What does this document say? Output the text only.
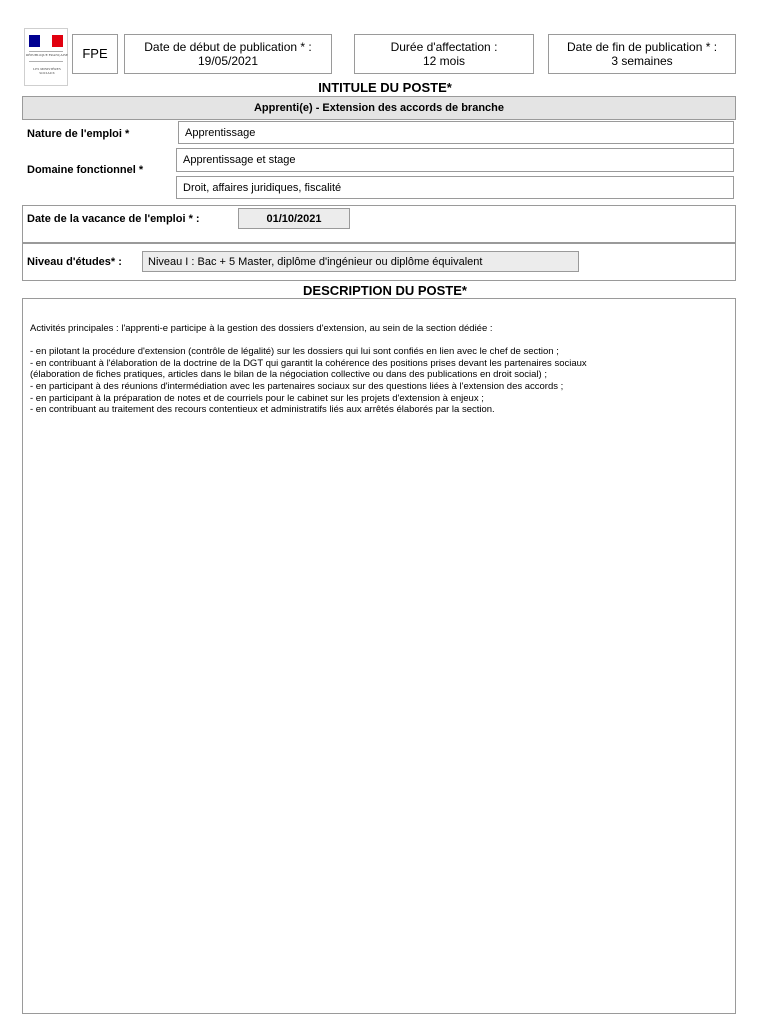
RÉPUBLIQUE FRANÇAISE
LES MINISTÈRES SOCIAUX
FPE	Date de début de publication * :
19/05/2021
Durée d'affectation :
12 mois
Date de fin de publication * :
3 semaines
INTITULE DU POSTE*
Apprenti(e) - Extension des accords de branche
Nature de l'emploi *	Apprentissage
Domaine fonctionnel *
Apprentissage et stage
Droit, affaires juridiques, fiscalité
Date de la vacance de l'emploi * :	01/10/2021
Niveau d'études* :	Niveau I : Bac + 5 Master, diplôme d'ingénieur ou diplôme équivalent
DESCRIPTION DU POSTE*

Activités principales : l'apprenti-e participe à la gestion des dossiers d'extension, au sein de la section dédiée :

- en pilotant la procédure d'extension (contrôle de légalité) sur les dossiers qui lui sont confiés en lien avec le chef de section ;

- en contribuant à l'élaboration de la doctrine de la DGT qui garantit la cohérence des positions prises devant les partenaires sociaux

(élaboration de fiches pratiques, articles dans le bilan de la négociation collective ou dans des publications en droit social) ;

- en participant à des réunions d'intermédiation avec les partenaires sociaux sur des questions liées à l'extension des accords ;

- en participant à la préparation de notes et de courriels pour le cabinet sur les projets d'extension à enjeux ;

- en contribuant au traitement des recours contentieux et administratifs liés aux arrêtés élaborés par la section.
